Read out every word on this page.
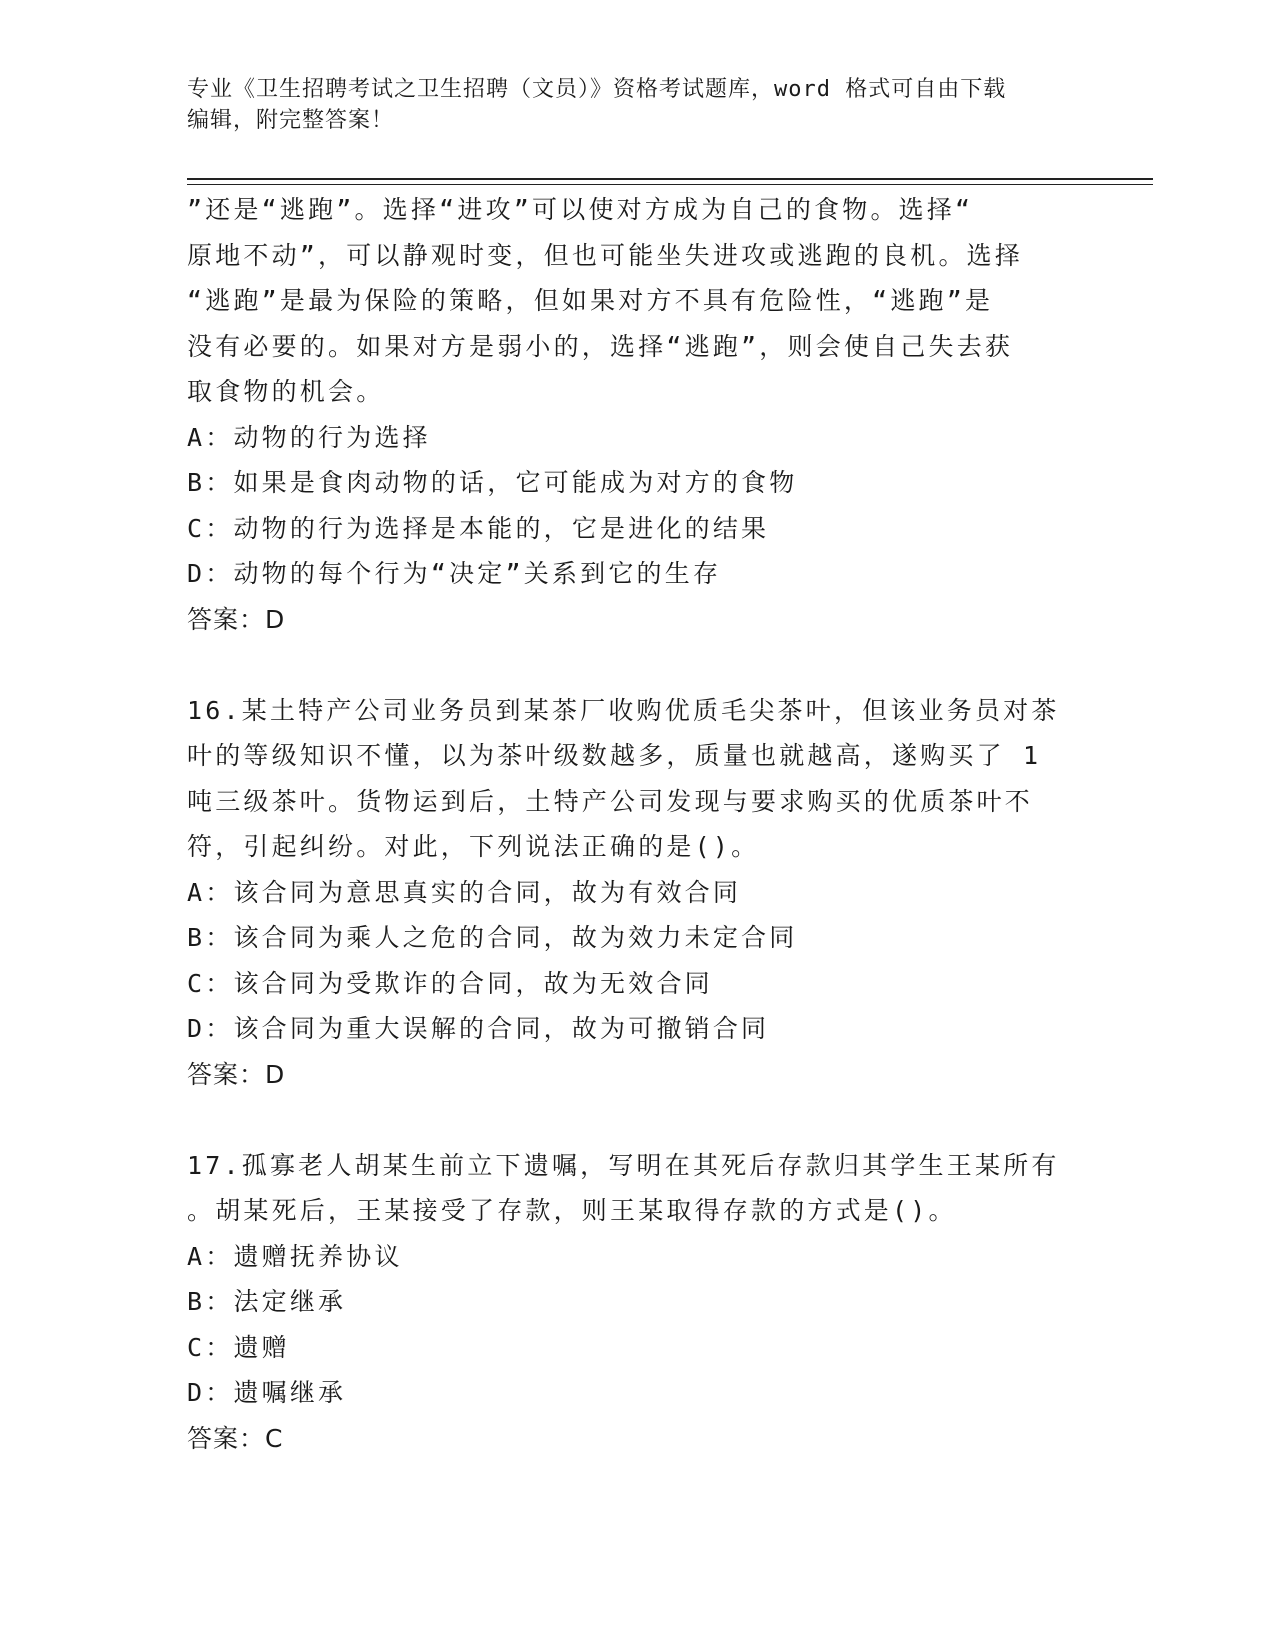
专业《卫生招聘考试之卫生招聘（文员）》资格考试题库，word 格式可自由下载
编辑，附完整答案！
”还是“逃跑”。选择“进攻”可以使对方成为自己的食物。选择“
原地不动”，可以静观时变，但也可能坐失进攻或逃跑的良机。选择
“逃跑”是最为保险的策略，但如果对方不具有危险性，“逃跑”是
没有必要的。如果对方是弱小的，选择“逃跑”，则会使自己失去获
取食物的机会。
A：动物的行为选择
B：如果是食肉动物的话，它可能成为对方的食物
C：动物的行为选择是本能的，它是进化的结果
D：动物的每个行为“决定”关系到它的生存
答案：D
16.某土特产公司业务员到某茶厂收购优质毛尖茶叶，但该业务员对茶
叶的等级知识不懂，以为茶叶级数越多，质量也就越高，遂购买了 1
吨三级茶叶。货物运到后，土特产公司发现与要求购买的优质茶叶不
符，引起纠纷。对此，下列说法正确的是()。
A：该合同为意思真实的合同，故为有效合同
B：该合同为乘人之危的合同，故为效力未定合同
C：该合同为受欺诈的合同，故为无效合同
D：该合同为重大误解的合同，故为可撤销合同
答案：D
17.孤寡老人胡某生前立下遗嘱，写明在其死后存款归其学生王某所有
。胡某死后，王某接受了存款，则王某取得存款的方式是()。
A：遗赠抚养协议
B：法定继承
C：遗赠
D：遗嘱继承
答案：C
